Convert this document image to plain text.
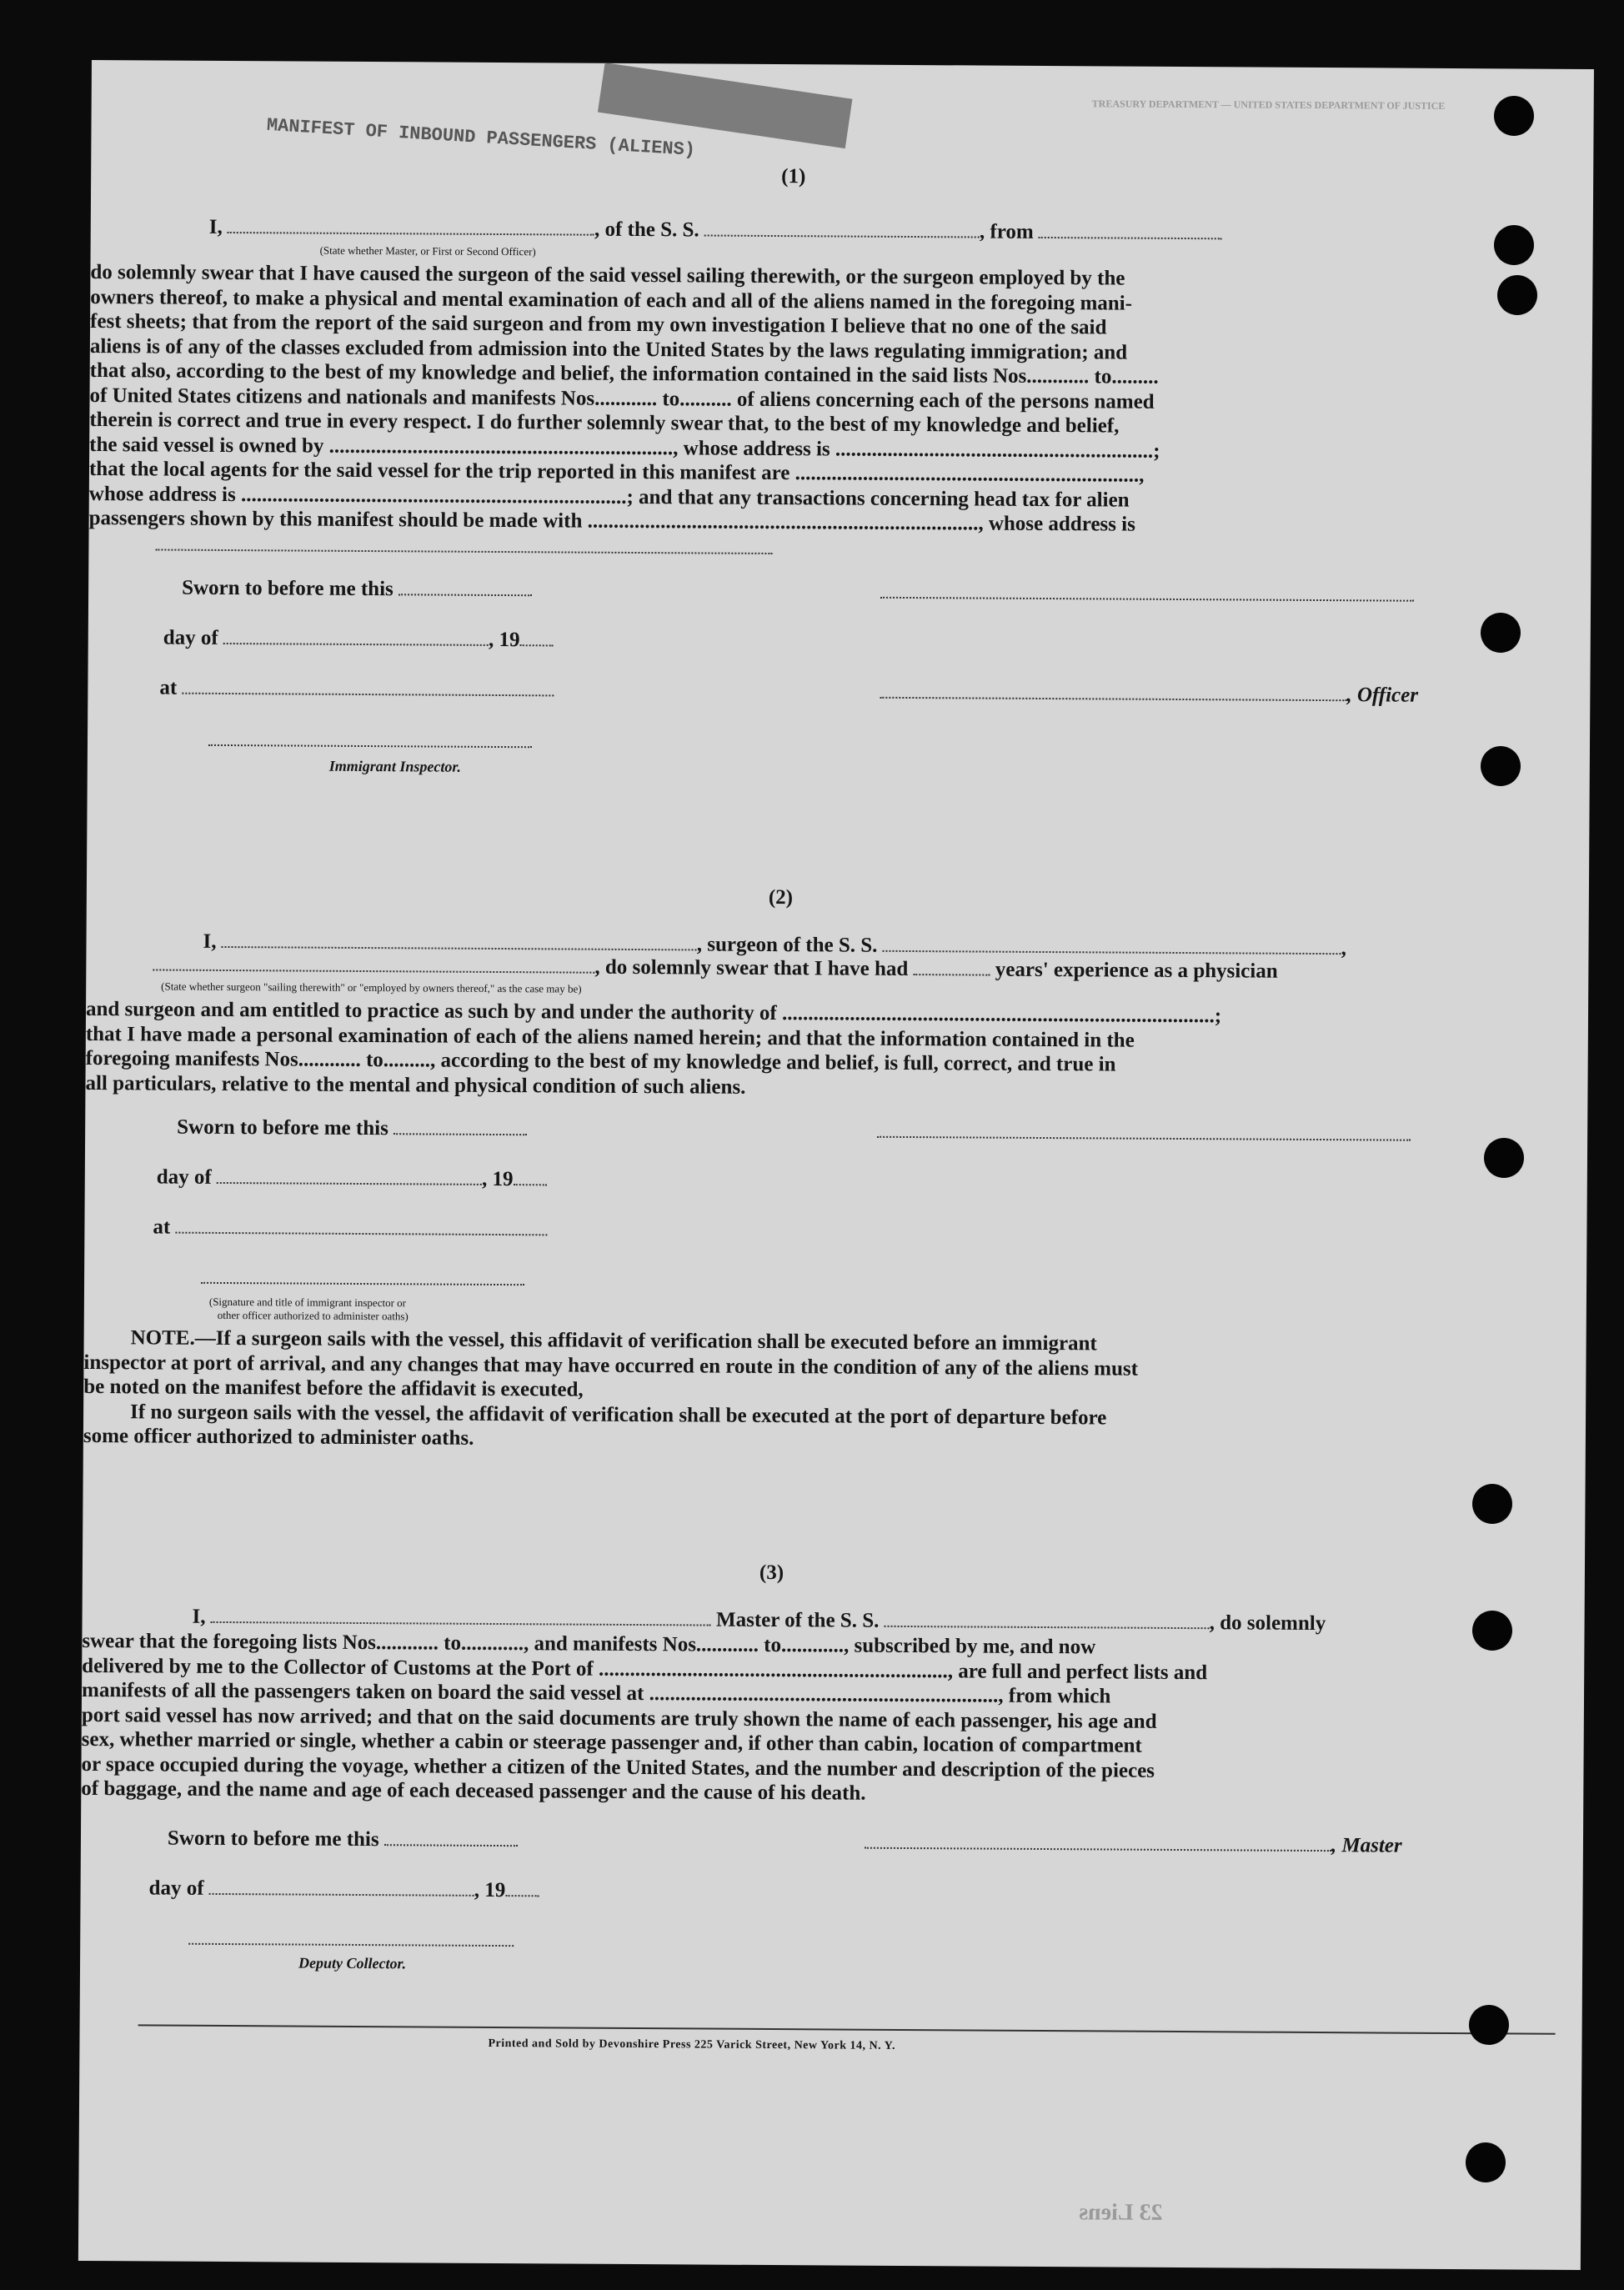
MANIFEST OF INBOUND PASSENGERS (ALIENS)
TREASURY DEPARTMENT — UNITED STATES DEPARTMENT OF JUSTICE
(1)
I,	, of the S. S.	, from
(State whether Master, or First or Second Officer)

do solemnly swear that I have caused the surgeon of the said vessel sailing therewith, or the surgeon employed by the

owners thereof, to make a physical and mental examination of each and all of the aliens named in the foregoing mani-

fest sheets; that from the report of the said surgeon and from my own investigation I believe that no one of the said

aliens is of any of the classes excluded from admission into the United States by the laws regulating immigration; and

that also, according to the best of my knowledge and belief, the information contained in the said lists Nos............ to.........

of United States citizens and nationals and manifests Nos............ to.......... of aliens concerning each of the persons named

therein is correct and true in every respect. I do further solemnly swear that, to the best of my knowledge and belief,

the said vessel is owned by .................................................................., whose address is .............................................................;

that the local agents for the said vessel for the trip reported in this manifest are ..................................................................,

whose address is ..........................................................................; and that any transactions concerning head tax for alien

passengers shown by this manifest should be made with ..........................................................................., whose address is

Sworn to before me this
day of	, 19
at	, Officer
Immigrant Inspector.
(2)
I,	, surgeon of the S. S.	,
, do solemnly swear that I have had	years' experience as a physician
(State whether surgeon "sailing therewith" or "employed by owners thereof," as the case may be)

and surgeon and am entitled to practice as such by and under the authority of ...................................................................................;

that I have made a personal examination of each of the aliens named herein; and that the information contained in the

foregoing manifests Nos............ to........., according to the best of my knowledge and belief, is full, correct, and true in

all particulars, relative to the mental and physical condition of such aliens.

Sworn to before me this
day of	, 19
at
(Signature and title of immigrant inspector or
other officer authorized to administer oaths)

NOTE.—If a surgeon sails with the vessel, this affidavit of verification shall be executed before an immigrant

inspector at port of arrival, and any changes that may have occurred en route in the condition of any of the aliens must

be noted on the manifest before the affidavit is executed,

If no surgeon sails with the vessel, the affidavit of verification shall be executed at the port of departure before

some officer authorized to administer oaths.

(3)
I,	Master of the S. S.	, do solemnly

swear that the foregoing lists Nos............ to............, and manifests Nos............ to............, subscribed by me, and now

delivered by me to the Collector of Customs at the Port of ..................................................................., are full and perfect lists and

manifests of all the passengers taken on board the said vessel at ..................................................................., from which

port said vessel has now arrived; and that on the said documents are truly shown the name of each passenger, his age and

sex, whether married or single, whether a cabin or steerage passenger and, if other than cabin, location of compartment

or space occupied during the voyage, whether a citizen of the United States, and the number and description of the pieces

of baggage, and the name and age of each deceased passenger and the cause of his death.

Sworn to before me this	, Master
day of	, 19
Deputy Collector.
Printed and Sold by Devonshire Press 225 Varick Street, New York 14, N. Y.
23 Liens
